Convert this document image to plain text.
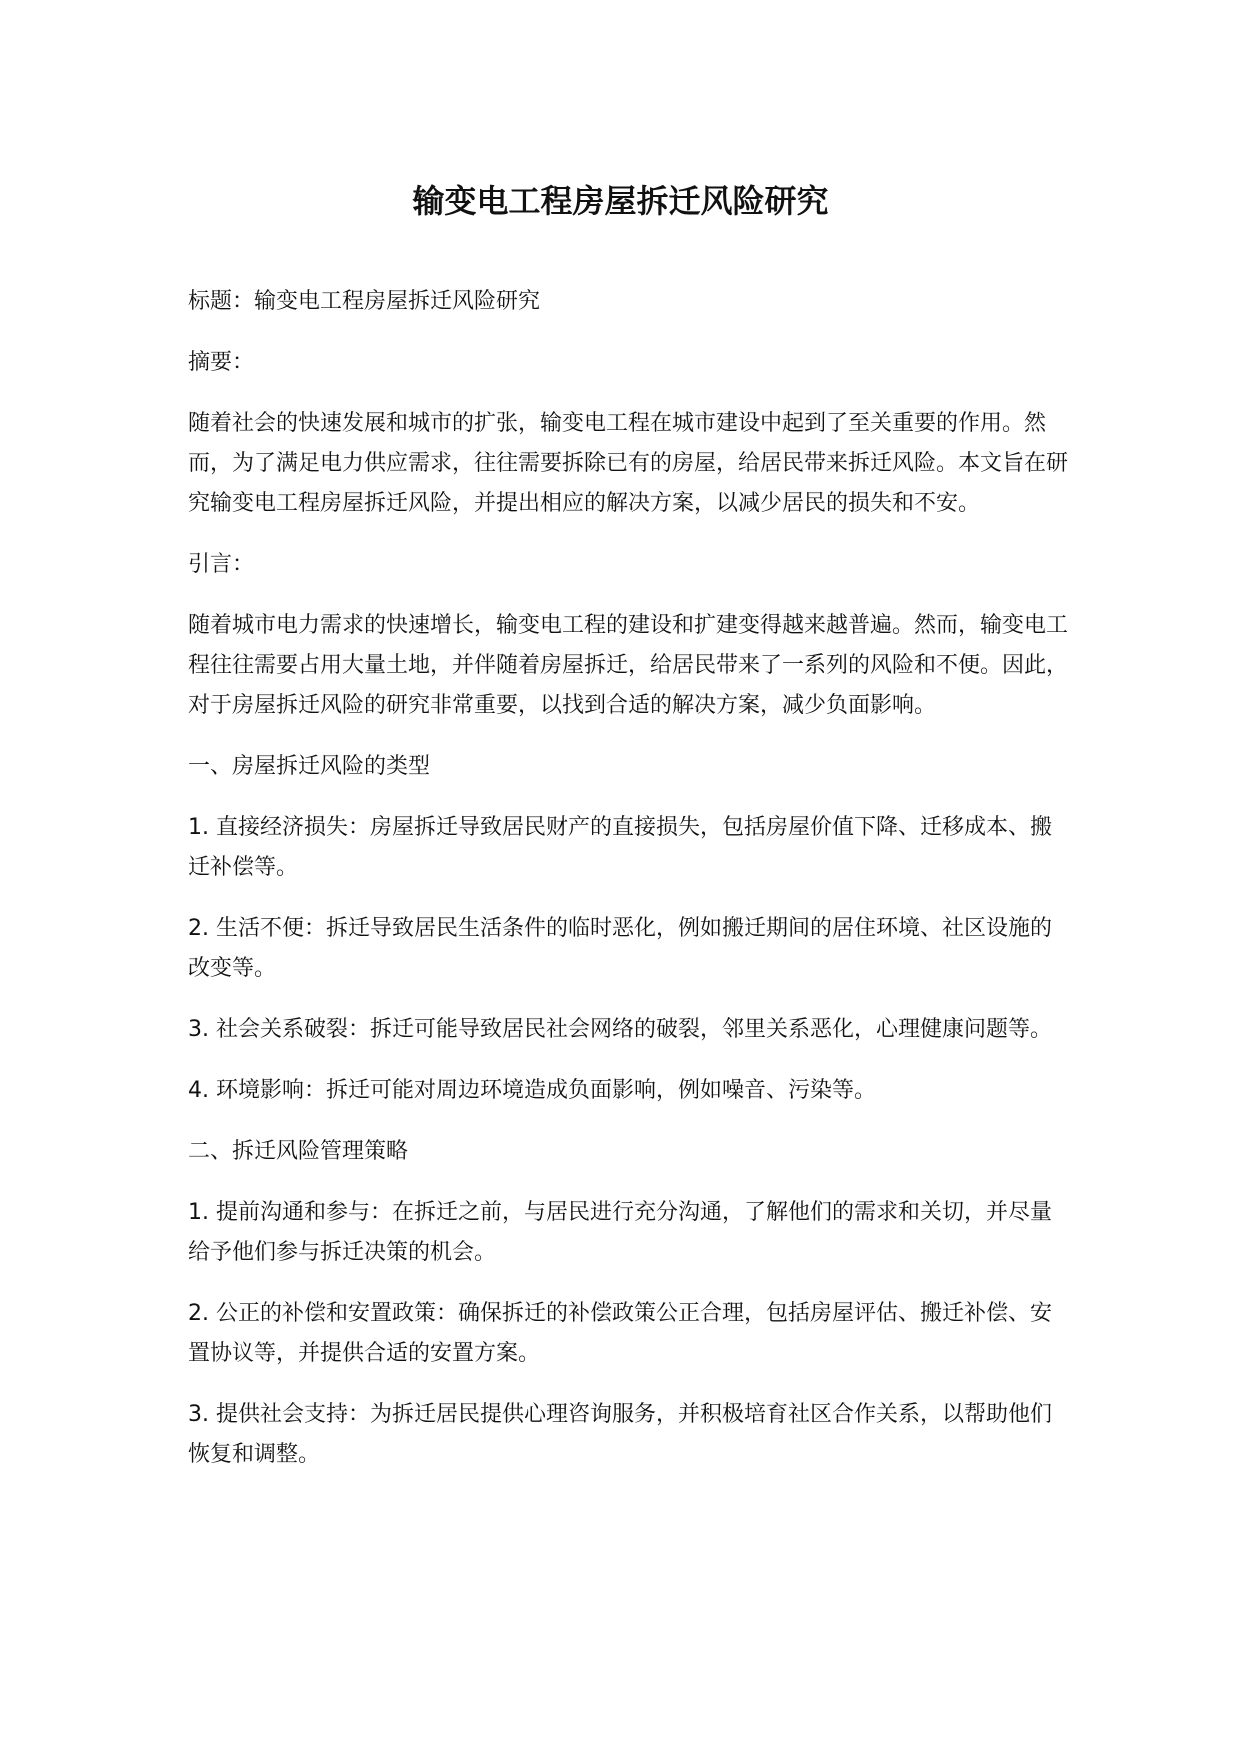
输变电工程房屋拆迁风险研究

标题：输变电工程房屋拆迁风险研究

摘要：

随着社会的快速发展和城市的扩张，输变电工程在城市建设中起到了至关重要的作用。然而，为了满足电力供应需求，往往需要拆除已有的房屋，给居民带来拆迁风险。本文旨在研究输变电工程房屋拆迁风险，并提出相应的解决方案，以减少居民的损失和不安。

引言：

随着城市电力需求的快速增长，输变电工程的建设和扩建变得越来越普遍。然而，输变电工程往往需要占用大量土地，并伴随着房屋拆迁，给居民带来了一系列的风险和不便。因此，对于房屋拆迁风险的研究非常重要，以找到合适的解决方案，减少负面影响。

一、房屋拆迁风险的类型

1. 直接经济损失：房屋拆迁导致居民财产的直接损失，包括房屋价值下降、迁移成本、搬迁补偿等。

2. 生活不便：拆迁导致居民生活条件的临时恶化，例如搬迁期间的居住环境、社区设施的改变等。

3. 社会关系破裂：拆迁可能导致居民社会网络的破裂，邻里关系恶化，心理健康问题等。

4. 环境影响：拆迁可能对周边环境造成负面影响，例如噪音、污染等。

二、拆迁风险管理策略

1. 提前沟通和参与：在拆迁之前，与居民进行充分沟通，了解他们的需求和关切，并尽量给予他们参与拆迁决策的机会。

2. 公正的补偿和安置政策：确保拆迁的补偿政策公正合理，包括房屋评估、搬迁补偿、安置协议等，并提供合适的安置方案。

3. 提供社会支持：为拆迁居民提供心理咨询服务，并积极培育社区合作关系，以帮助他们恢复和调整。
